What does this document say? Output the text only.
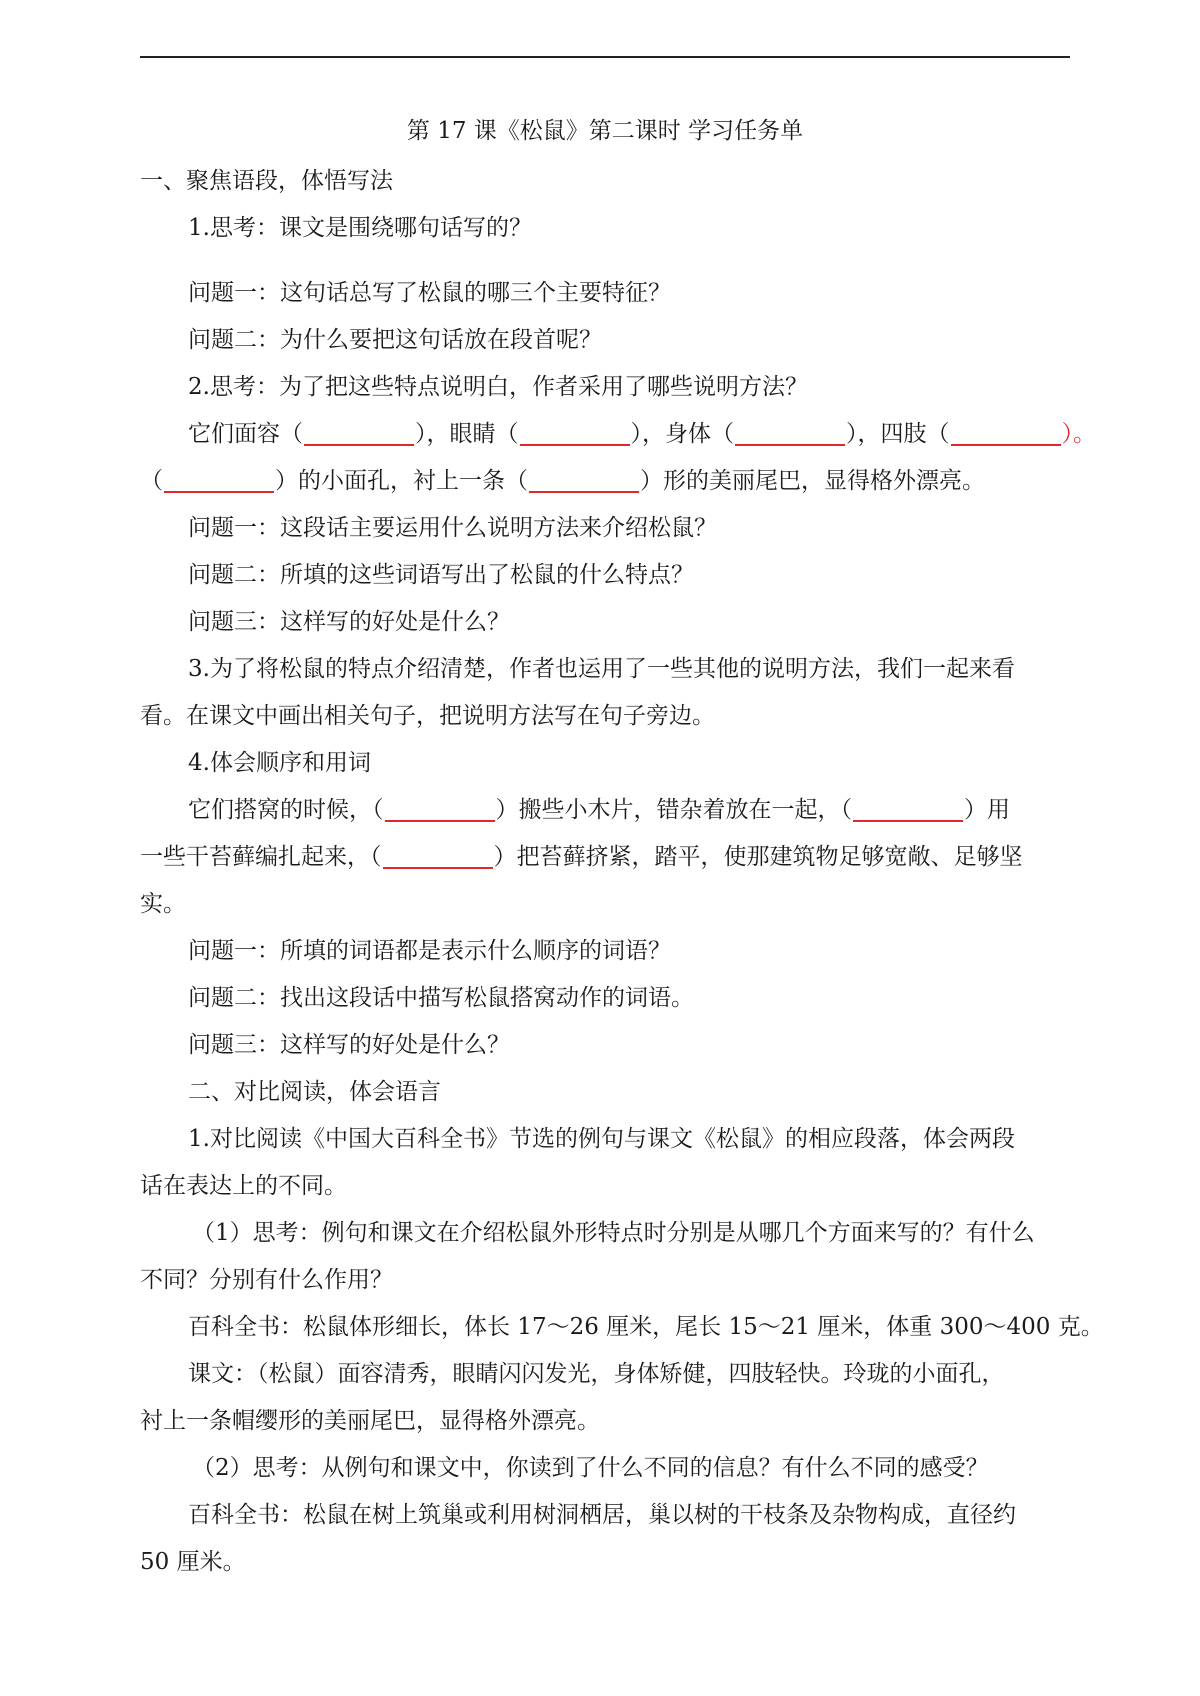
第 17 课《松鼠》第二课时 学习任务单
一、聚焦语段，体悟写法
1.思考：课文是围绕哪句话写的？
问题一：这句话总写了松鼠的哪三个主要特征？
问题二：为什么要把这句话放在段首呢？
2.思考：为了把这些特点说明白，作者采用了哪些说明方法？
它们面容（	），眼睛（	），身体（	），四肢（	）。
（	）的小面孔，衬上一条（	）形的美丽尾巴，显得格外漂亮。
问题一：这段话主要运用什么说明方法来介绍松鼠？
问题二：所填的这些词语写出了松鼠的什么特点？
问题三：这样写的好处是什么？
3.为了将松鼠的特点介绍清楚，作者也运用了一些其他的说明方法，我们一起来看
看。在课文中画出相关句子，把说明方法写在句子旁边。
4.体会顺序和用词
它们搭窝的时候，（	）搬些小木片，错杂着放在一起，（	）用
一些干苔藓编扎起来，（	）把苔藓挤紧，踏平，使那建筑物足够宽敞、足够坚
实。
问题一：所填的词语都是表示什么顺序的词语？
问题二：找出这段话中描写松鼠搭窝动作的词语。
问题三：这样写的好处是什么？
二、对比阅读，体会语言
1.对比阅读《中国大百科全书》节选的例句与课文《松鼠》的相应段落，体会两段
话在表达上的不同。
（1）思考：例句和课文在介绍松鼠外形特点时分别是从哪几个方面来写的？有什么
不同？分别有什么作用？
百科全书：松鼠体形细长，体长 17～26 厘米，尾长 15～21 厘米，体重 300～400 克。
课文：（松鼠）面容清秀，眼睛闪闪发光，身体矫健，四肢轻快。玲珑的小面孔，
衬上一条帽缨形的美丽尾巴，显得格外漂亮。
（2）思考：从例句和课文中，你读到了什么不同的信息？有什么不同的感受？
百科全书：松鼠在树上筑巢或利用树洞栖居，巢以树的干枝条及杂物构成，直径约
50 厘米。
